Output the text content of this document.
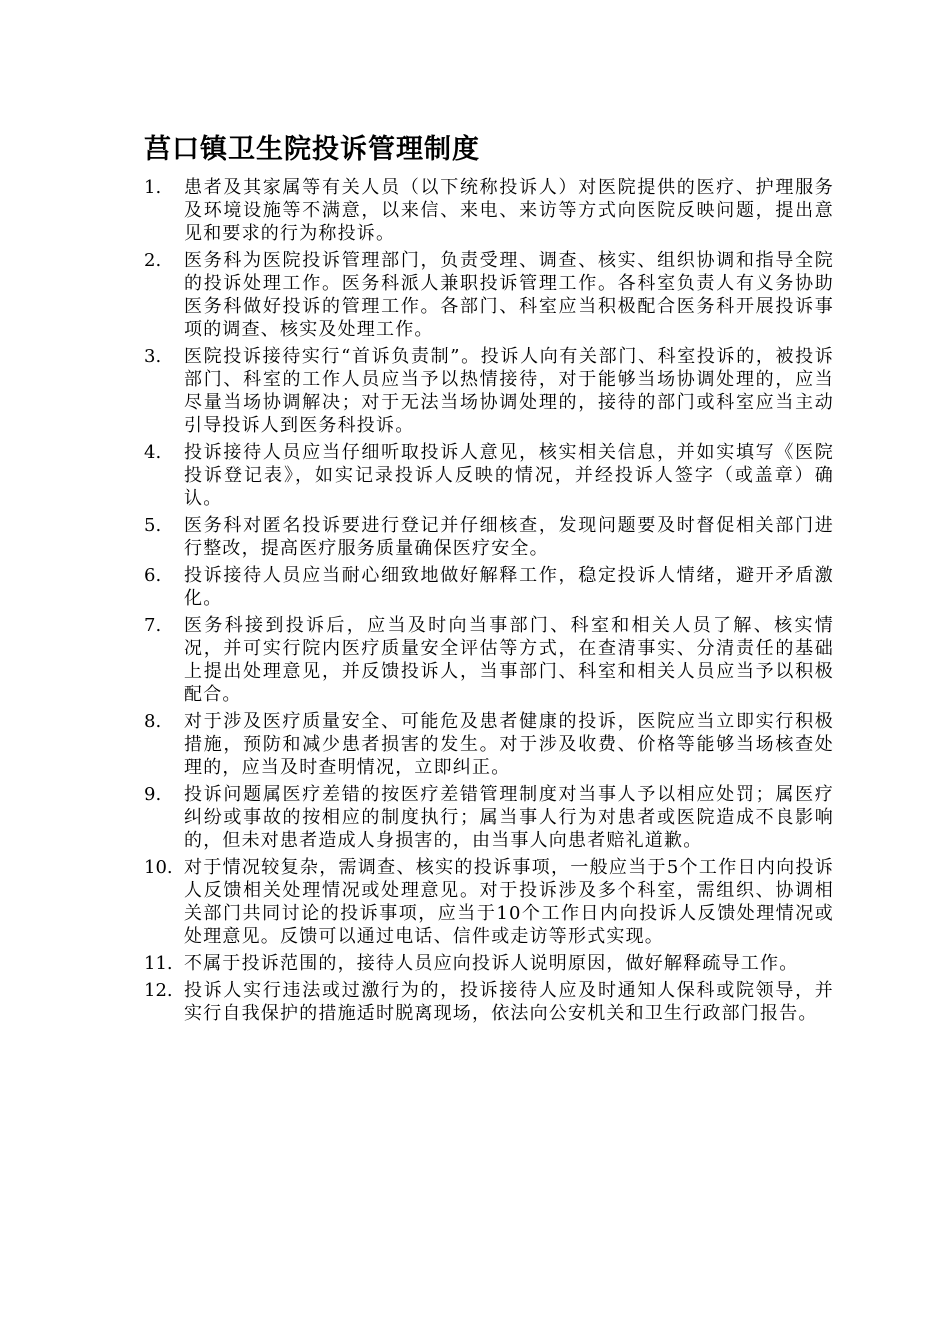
莒口镇卫生院投诉管理制度
1.	患者及其家属等有关人员（以下统称投诉人）对医院提供的医疗、护理服务及环境设施等不满意，以来信、来电、来访等方式向医院反映问题，提出意见和要求的行为称投诉。
2.	医务科为医院投诉管理部门，负责受理、调查、核实、组织协调和指导全院的投诉处理工作。医务科派人兼职投诉管理工作。各科室负责人有义务协助医务科做好投诉的管理工作。各部门、科室应当积极配合医务科开展投诉事项的调查、核实及处理工作。
3.	医院投诉接待实行“首诉负责制”。投诉人向有关部门、科室投诉的，被投诉部门、科室的工作人员应当予以热情接待，对于能够当场协调处理的，应当尽量当场协调解决；对于无法当场协调处理的，接待的部门或科室应当主动引导投诉人到医务科投诉。
4.	投诉接待人员应当仔细听取投诉人意见，核实相关信息，并如实填写《医院投诉登记表》，如实记录投诉人反映的情况，并经投诉人签字（或盖章）确认。
5.	医务科对匿名投诉要进行登记并仔细核查，发现问题要及时督促相关部门进行整改，提高医疗服务质量确保医疗安全。
6.	投诉接待人员应当耐心细致地做好解释工作，稳定投诉人情绪，避开矛盾激化。
7.	医务科接到投诉后，应当及时向当事部门、科室和相关人员了解、核实情况，并可实行院内医疗质量安全评估等方式，在查清事实、分清责任的基础上提出处理意见，并反馈投诉人，当事部门、科室和相关人员应当予以积极配合。
8.	对于涉及医疗质量安全、可能危及患者健康的投诉，医院应当立即实行积极措施，预防和减少患者损害的发生。对于涉及收费、价格等能够当场核查处理的，应当及时查明情况，立即纠正。
9.	投诉问题属医疗差错的按医疗差错管理制度对当事人予以相应处罚；属医疗纠纷或事故的按相应的制度执行；属当事人行为对患者或医院造成不良影响的，但未对患者造成人身损害的，由当事人向患者赔礼道歉。
10. 对于情况较复杂，需调查、核实的投诉事项，一般应当于5个工作日内向投诉人反馈相关处理情况或处理意见。对于投诉涉及多个科室，需组织、协调相关部门共同讨论的投诉事项，应当于10个工作日内向投诉人反馈处理情况或处理意见。反馈可以通过电话、信件或走访等形式实现。
11. 不属于投诉范围的，接待人员应向投诉人说明原因，做好解释疏导工作。
12. 投诉人实行违法或过激行为的，投诉接待人应及时通知人保科或院领导，并实行自我保护的措施适时脱离现场，依法向公安机关和卫生行政部门报告。
